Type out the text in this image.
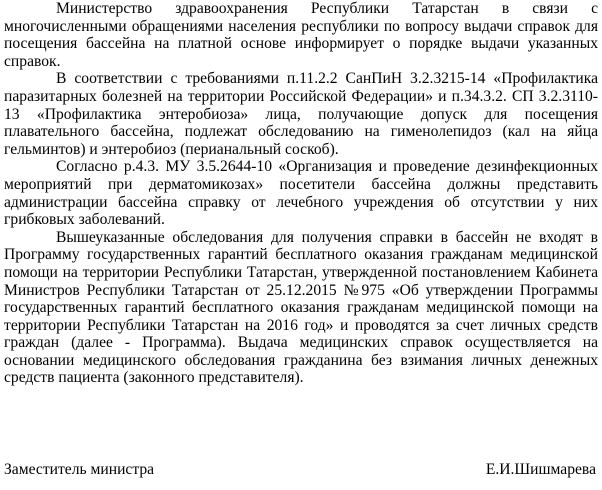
Министерство здравоохранения Республики Татарстан в связи с многочисленными обращениями населения республики по вопросу выдачи справок для посещения бассейна на платной основе информирует о порядке выдачи указанных справок.

В соответствии с требованиями п.11.2.2 СанПиН 3.2.3215-14 «Профилактика паразитарных болезней на территории Российской Федерации» и п.34.3.2. СП 3.2.3110-13 «Профилактика энтеробиоза» лица, получающие допуск для посещения плавательного бассейна, подлежат обследованию на гименолепидоз (кал на яйца гельминтов) и энтеробиоз (перианальный соскоб).

Согласно р.4.3. МУ 3.5.2644-10 «Организация и проведение дезинфекционных мероприятий при дерматомикозах» посетители бассейна должны представить администрации бассейна справку от лечебного учреждения об отсутствии у них грибковых заболеваний.

Вышеуказанные обследования для получения справки в бассейн не входят в Программу государственных гарантий бесплатного оказания гражданам медицинской помощи на территории Республики Татарстан, утвержденной постановлением Кабинета Министров Республики Татарстан от 25.12.2015 №975 «Об утверждении Программы государственных гарантий бесплатного оказания гражданам медицинской помощи на территории Республики Татарстан на 2016 год» и проводятся за счет личных средств граждан (далее - Программа). Выдача медицинских справок осуществляется на основании медицинского обследования гражданина без взимания личных денежных средств пациента (законного представителя).

Заместитель министра	Е.И.Шишмарева
